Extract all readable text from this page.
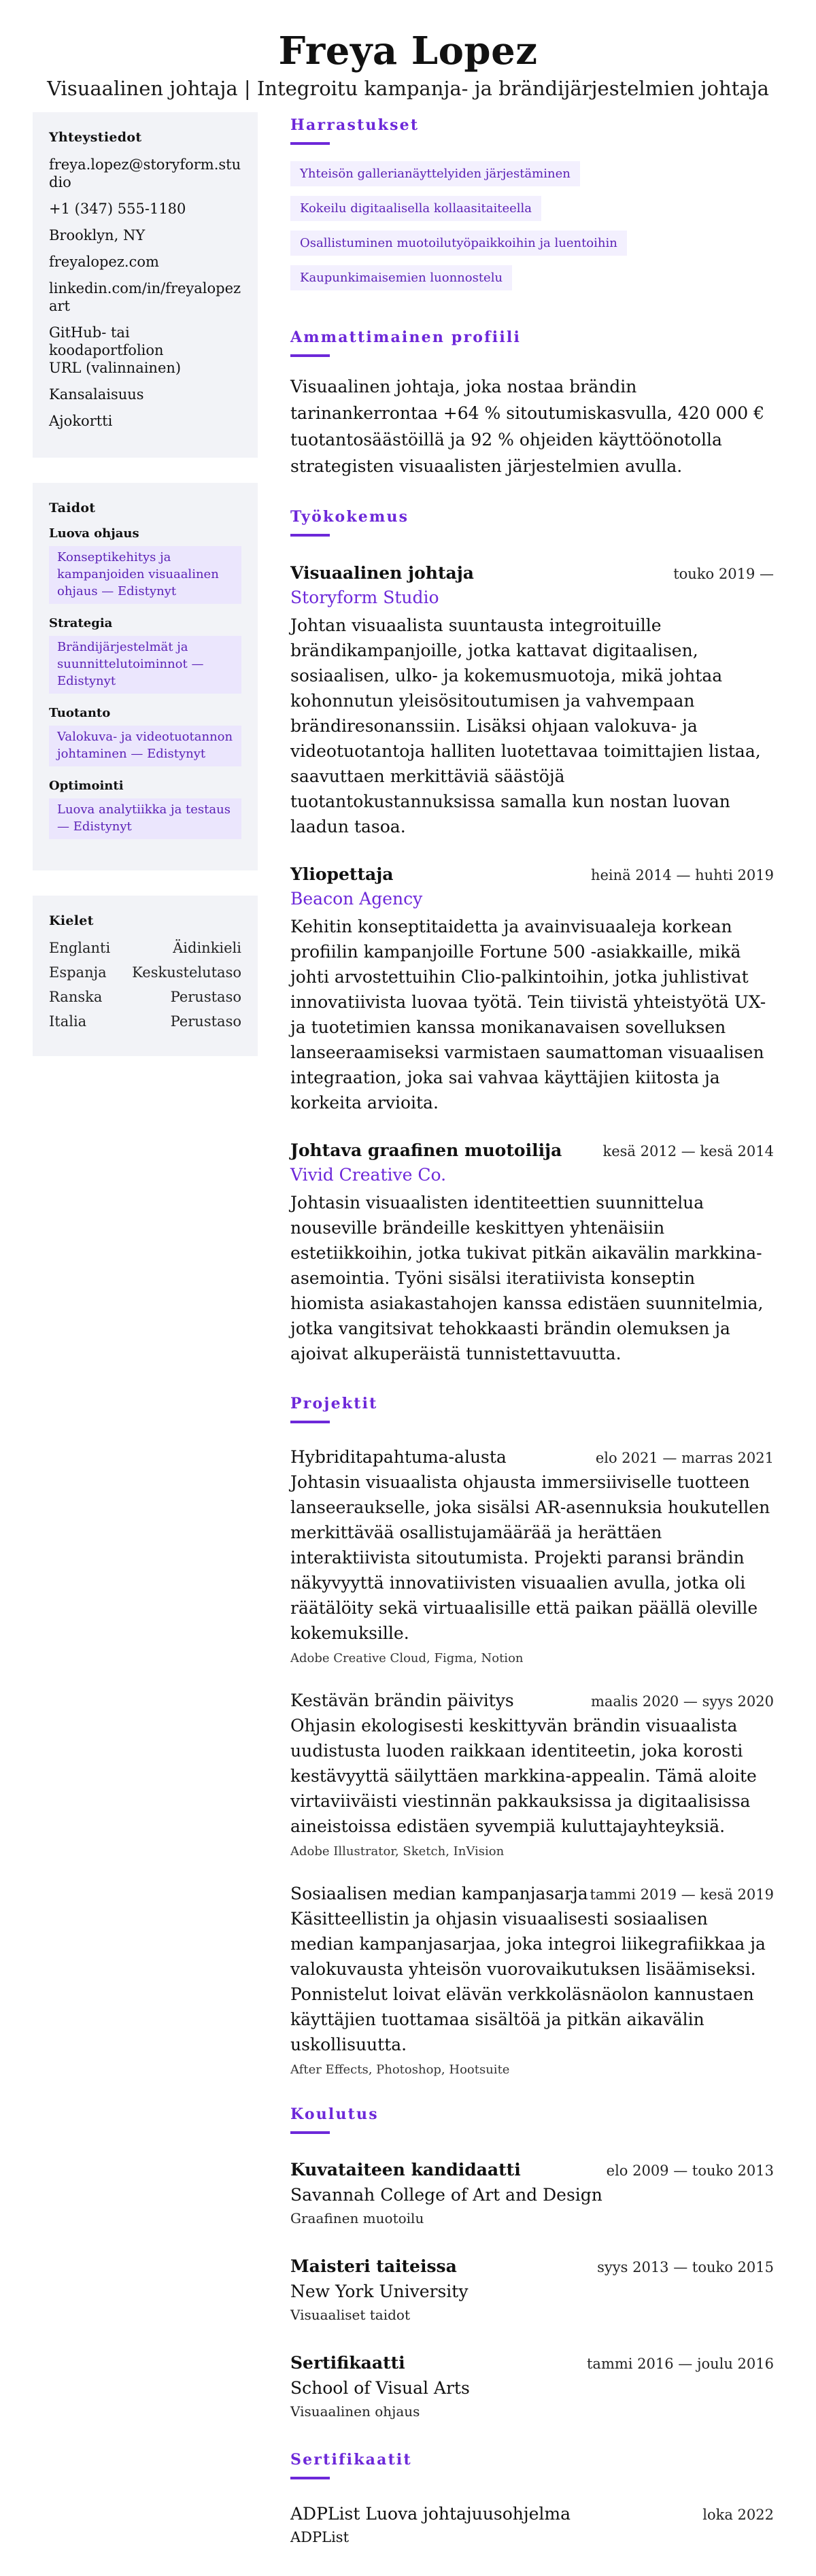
Freya Lopez
Visuaalinen johtaja | Integroitu kampanja- ja brändijärjestelmien johtaja
Yhteystiedot
freya.lopez@storyform.studio
+1 (347) 555-1180
Brooklyn, NY
freyalopez.com
linkedin.com/in/freyalopezart
GitHub- tai koodaportfolion URL (valinnainen)
Kansalaisuus
Ajokortti
Taidot
Luova ohjaus
Konseptikehitys ja kampanjoiden visuaalinen ohjaus — Edistynyt
Strategia
Brändijärjestelmät ja suunnittelutoiminnot — Edistynyt
Tuotanto
Valokuva- ja videotuotannon johtaminen — Edistynyt
Optimointi
Luova analytiikka ja testaus — Edistynyt
Kielet
Englanti	Äidinkieli
Espanja Keskustelutaso
Ranska	Perustaso
Italia	Perustaso
Harrastukset
Yhteisön gallerianäyttelyiden järjestäminen
Kokeilu digitaalisella kollaasitaiteella
Osallistuminen muotoilutyöpaikkoihin ja luentoihin
Kaupunkimaisemien luonnostelu
Ammattimainen profiili

Visuaalinen johtaja, joka nostaa brändin tarinankerrontaa +64 % sitoutumiskasvulla, 420 000 € tuotantosäästöillä ja 92 % ohjeiden käyttöönotolla strategisten visuaalisten järjestelmien avulla.

Työkokemus
Visuaalinen johtaja	touko 2019 —
Storyform Studio

Johtan visuaalista suuntausta integroituille brändikampanjoille, jotka kattavat digitaalisen, sosiaalisen, ulko- ja kokemusmuotoja, mikä johtaa kohonnutun yleisösitoutumisen ja vahvempaan brändiresonanssiin. Lisäksi ohjaan valokuva- ja videotuotantoja halliten luotettavaa toimittajien listaa, saavuttaen merkittäviä säästöjä tuotantokustannuksissa samalla kun nostan luovan laadun tasoa.

Yliopettaja	heinä 2014 — huhti 2019
Beacon Agency

Kehitin konseptitaidetta ja avainvisuaaleja korkean profiilin kampanjoille Fortune 500 -asiakkaille, mikä johti arvostettuihin Clio-palkintoihin, jotka juhlistivat innovatiivista luovaa työtä. Tein tiivistä yhteistyötä UX- ja tuotetimien kanssa monikanavaisen sovelluksen lanseeraamiseksi varmistaen saumattoman visuaalisen integraation, joka sai vahvaa käyttäjien kiitosta ja korkeita arvioita.

Johtava graafinen muotoilija	kesä 2012 — kesä 2014
Vivid Creative Co.

Johtasin visuaalisten identiteettien suunnittelua nouseville brändeille keskittyen yhtenäisiin estetiikkoihin, jotka tukivat pitkän aikavälin markkina-asemointia. Työni sisälsi iteratiivista konseptin hiomista asiakastahojen kanssa edistäen suunnitelmia, jotka vangitsivat tehokkaasti brändin olemuksen ja ajoivat alkuperäistä tunnistettavuutta.

Projektit
Hybriditapahtuma-alusta	elo 2021 — marras 2021

Johtasin visuaalista ohjausta immersiiviselle tuotteen lanseeraukselle, joka sisälsi AR-asennuksia houkutellen merkittävää osallistujamäärää ja herättäen interaktiivista sitoutumista. Projekti paransi brändin näkyvyyttä innovatiivisten visuaalien avulla, jotka oli räätälöity sekä virtuaalisille että paikan päällä oleville kokemuksille.

Adobe Creative Cloud, Figma, Notion
Kestävän brändin päivitys	maalis 2020 — syys 2020

Ohjasin ekologisesti keskittyvän brändin visuaalista uudistusta luoden raikkaan identiteetin, joka korosti kestävyyttä säilyttäen markkina-appealin. Tämä aloite virtaviiväisti viestinnän pakkauksissa ja digitaalisissa aineistoissa edistäen syvempiä kuluttajayhteyksiä.

Adobe Illustrator, Sketch, InVision
Sosiaalisen median kampanjasarja tammi 2019 — kesä 2019

Käsitteellistin ja ohjasin visuaalisesti sosiaalisen median kampanjasarjaa, joka integroi liikegrafiikkaa ja valokuvausta yhteisön vuorovaikutuksen lisäämiseksi. Ponnistelut loivat elävän verkkoläsnäolon kannustaen käyttäjien tuottamaa sisältöä ja pitkän aikavälin uskollisuutta.

After Effects, Photoshop, Hootsuite
Koulutus
Kuvataiteen kandidaatti	elo 2009 — touko 2013
Savannah College of Art and Design
Graafinen muotoilu
Maisteri taiteissa	syys 2013 — touko 2015
New York University
Visuaaliset taidot
Sertifikaatti	tammi 2016 — joulu 2016
School of Visual Arts
Visuaalinen ohjaus
Sertifikaatit
ADPList Luova johtajuusohjelma	loka 2022
ADPList
